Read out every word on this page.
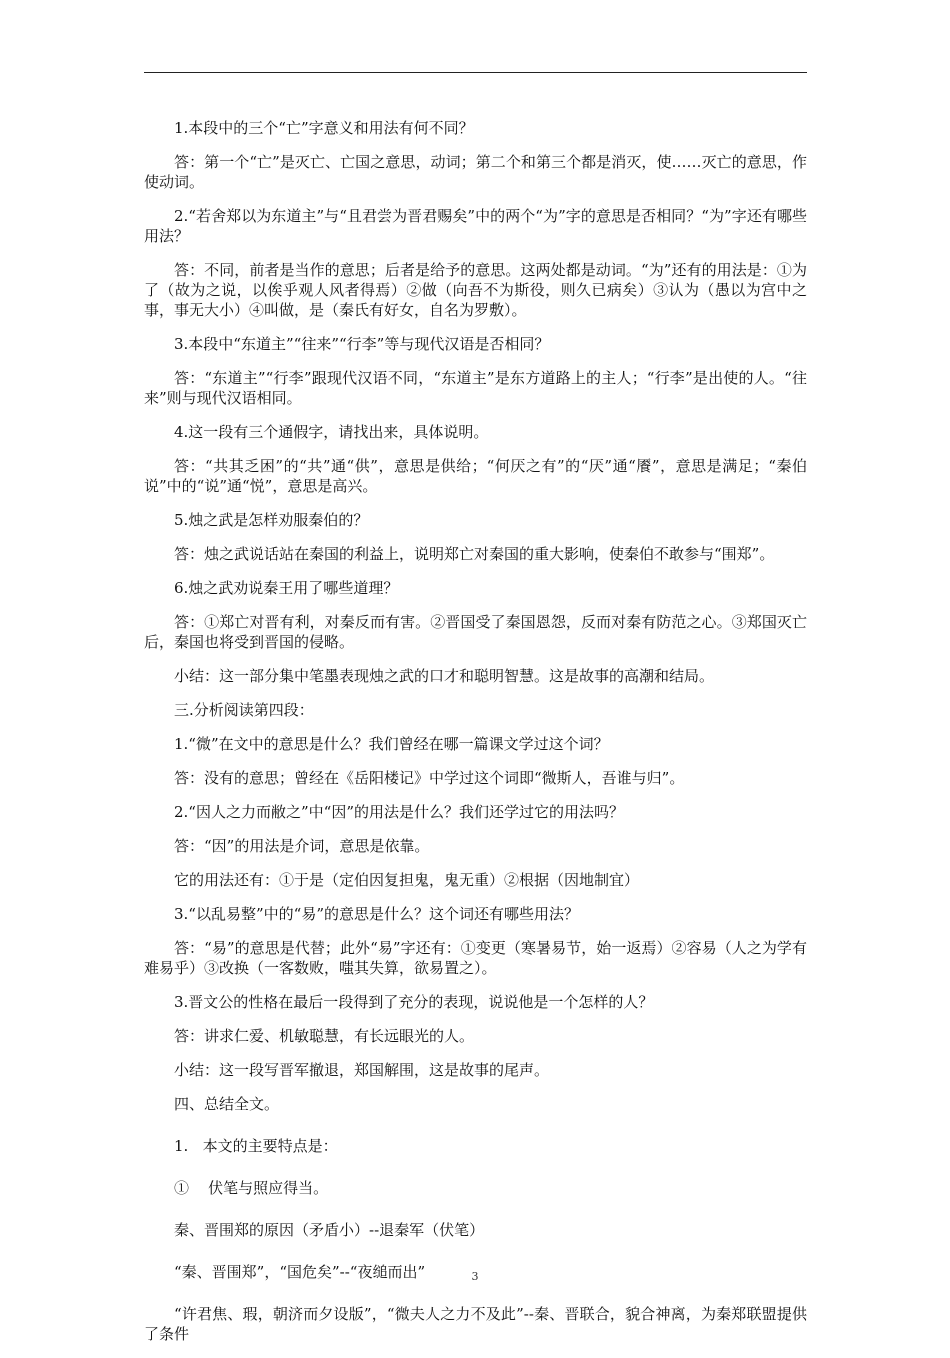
1.本段中的三个“亡”字意义和用法有何不同？

答：第一个“亡”是灭亡、亡国之意思，动词；第二个和第三个都是消灭，使……灭亡的意思，作使动词。

2.“若舍郑以为东道主”与“且君尝为晋君赐矣”中的两个“为”字的意思是否相同？“为”字还有哪些用法？

答：不同，前者是当作的意思；后者是给予的意思。这两处都是动词。“为”还有的用法是：①为了（故为之说，以俟乎观人风者得焉）②做（向吾不为斯役，则久已病矣）③认为（愚以为宫中之事，事无大小）④叫做，是（秦氏有好女，自名为罗敷）。

3.本段中“东道主”“往来”“行李”等与现代汉语是否相同？

答：“东道主”“行李”跟现代汉语不同，“东道主”是东方道路上的主人；“行李”是出使的人。“往来”则与现代汉语相同。

4.这一段有三个通假字，请找出来，具体说明。

答：“共其乏困”的“共”通“供”，意思是供给；“何厌之有”的“厌”通“餍”，意思是满足；“秦伯说”中的“说”通“悦”，意思是高兴。

5.烛之武是怎样劝服秦伯的？

答：烛之武说话站在秦国的利益上，说明郑亡对秦国的重大影响，使秦伯不敢参与“围郑”。

6.烛之武劝说秦王用了哪些道理？

答：①郑亡对晋有利，对秦反而有害。②晋国受了秦国恩怨，反而对秦有防范之心。③郑国灭亡后，秦国也将受到晋国的侵略。

小结：这一部分集中笔墨表现烛之武的口才和聪明智慧。这是故事的高潮和结局。

三.分析阅读第四段：

1.“微”在文中的意思是什么？我们曾经在哪一篇课文学过这个词？

答：没有的意思；曾经在《岳阳楼记》中学过这个词即“微斯人，吾谁与归”。

2.“因人之力而敝之”中“因”的用法是什么？我们还学过它的用法吗？

答：“因”的用法是介词，意思是依靠。

它的用法还有：①于是（定伯因复担鬼，鬼无重）②根据（因地制宜）

3.“以乱易整”中的“易”的意思是什么？这个词还有哪些用法？

答：“易”的意思是代替；此外“易”字还有：①变更（寒暑易节，始一返焉）②容易（人之为学有难易乎）③改换（一客数败，嗤其失算，欲易置之）。

3.晋文公的性格在最后一段得到了充分的表现，说说他是一个怎样的人？

答：讲求仁爱、机敏聪慧，有长远眼光的人。

小结：这一段写晋军撤退，郑国解围，这是故事的尾声。

四、总结全文。

1.   本文的主要特点是：

①    伏笔与照应得当。

秦、晋围郑的原因（矛盾小）--退秦军（伏笔）

“秦、晋围郑”，“国危矣”--“夜缒而出”

“许君焦、瑕，朝济而夕设版”，“微夫人之力不及此”--秦、晋联合，貌合神离，为秦郑联盟提供了条件

3
